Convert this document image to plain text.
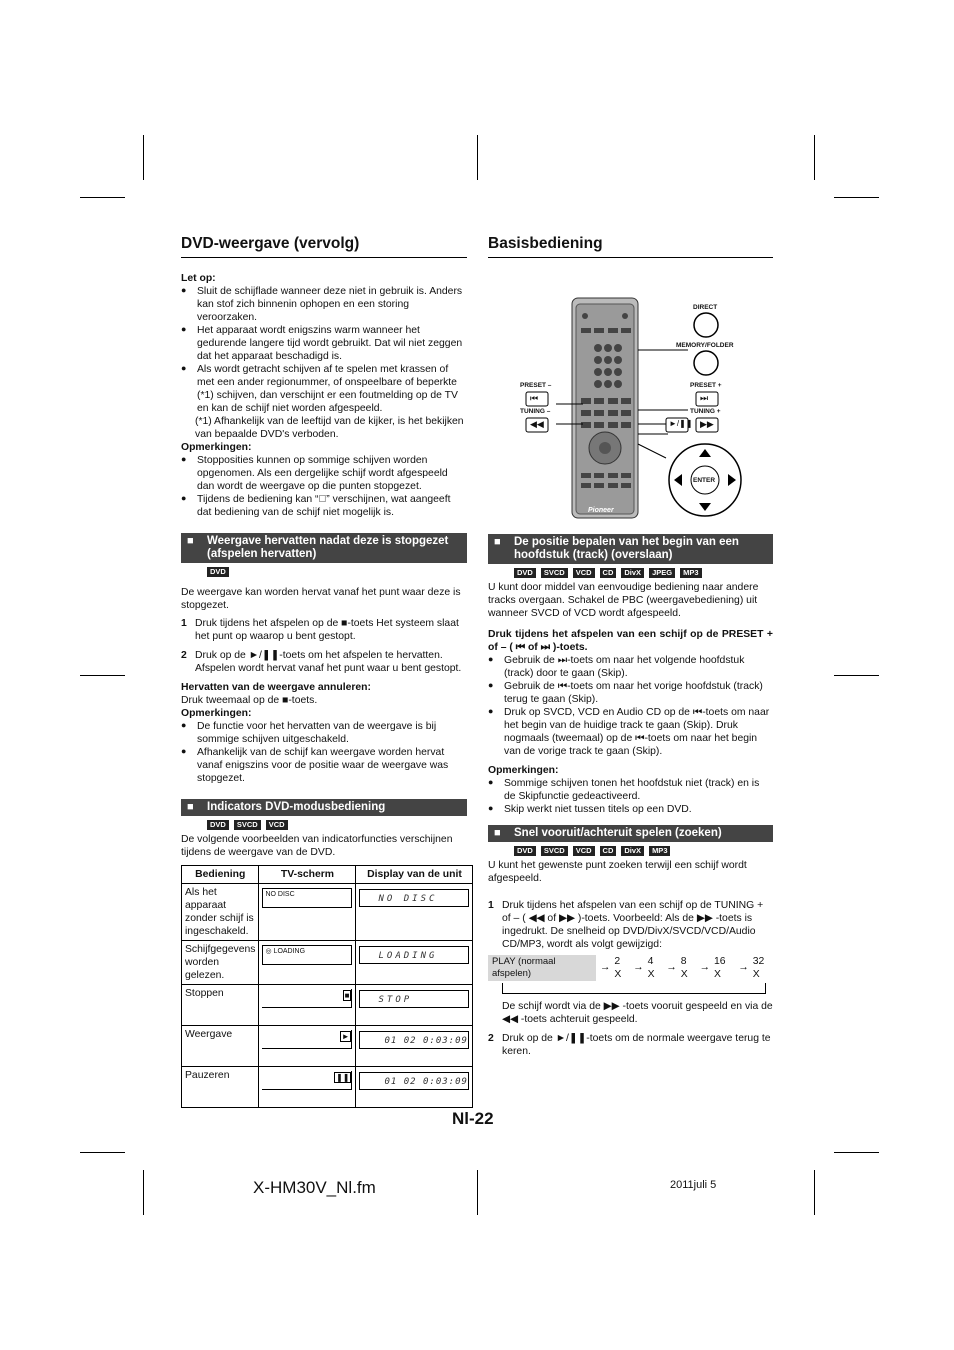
DVD-weergave (vervolg)

Let op:

● Sluit de schijflade wanneer deze niet in gebruik is. Anders kan stof zich binnenin ophopen en een storing veroorzaken.

● Het apparaat wordt enigszins warm wanneer het gedurende langere tijd wordt gebruikt. Dat wil niet zeggen dat het apparaat beschadigd is.

● Als wordt getracht schijven af te spelen met krassen of met een ander regionummer, of onspeelbare of beperkte (*1) schijven, dan verschijnt er een foutmelding op de TV en kan de schijf niet worden afgespeeld.

(*1) Afhankelijk van de leeftijd van de kijker, is het bekijken van bepaalde DVD's verboden.

Opmerkingen:

● Stopposities kunnen op sommige schijven worden opgenomen. Als een dergelijke schijf wordt afgespeeld dan wordt de weergave op die punten stopgezet.

● Tijdens de bediening kan “⃠” verschijnen, wat aangeeft dat bediening van de schijf niet mogelijk is.

■ Weergave hervatten nadat deze is stopgezet (afspelen hervatten)
DVD

De weergave kan worden hervat vanaf het punt waar deze is stopgezet.

1 Druk tijdens het afspelen op de ■-toets Het systeem slaat het punt op waarop u bent gestopt.

2 Druk op de ►/❚❚-toets om het afspelen te hervatten. Afspelen wordt hervat vanaf het punt waar u bent gestopt.

Hervatten van de weergave annuleren:

Druk tweemaal op de ■-toets.

Opmerkingen:

● De functie voor het hervatten van de weergave is bij sommige schijven uitgeschakeld.

● Afhankelijk van de schijf kan weergave worden hervat vanaf enigszins voor de positie waar de weergave was stopgezet.

■ Indicators DVD-modusbediening
DVD	SVCD	VCD

De volgende voorbeelden van indicatorfuncties verschijnen tijdens de weergave van de DVD.

Bediening	TV-scherm	Display van de unit
Als het apparaat zonder schijf is ingeschakeld.	NO DISC	NO DISC

Schijfgegevens worden gelezen.	◎ LOADING	LOADING

Stoppen	■	STOP

Weergave	►	01 02 0:03:09

Pauzeren	❚❚	01 02 0:03:09
Basisbediening
DIRECT
MEMORY/FOLDER
PRESET –
TUNING –
PRESET +
TUNING +
⏮
◀◀	►/❚❚
⏭
▶▶
ENTER
Pioneer
■ De positie bepalen van het begin van een hoofdstuk (track) (overslaan)
DVD	SVCD	VCD	CD	DivX	JPEG	MP3

U kunt door middel van eenvoudige bediening naar andere tracks overgaan. Schakel de PBC (weergavebediening) uit wanneer SVCD of VCD wordt afgespeeld.

Druk tijdens het afspelen van een schijf op de PRESET + of – ( ⏮ of ⏭ )-toets.

● Gebruik de ⏭-toets om naar het volgende hoofdstuk (track) door te gaan (Skip).

● Gebruik de ⏮-toets om naar het vorige hoofdstuk (track) terug te gaan (Skip).

● Druk op SVCD, VCD en Audio CD op de ⏮-toets om naar het begin van de huidige track te gaan (Skip). Druk nogmaals (tweemaal) op de ⏮-toets om naar het begin van de vorige track te gaan (Skip).

Opmerkingen:

● Sommige schijven tonen het hoofdstuk niet (track) en is de Skipfunctie gedeactiveerd.

● Skip werkt niet tussen titels op een DVD.

■ Snel vooruit/achteruit spelen (zoeken)
DVD	SVCD	VCD	CD	DivX	MP3

U kunt het gewenste punt zoeken terwijl een schijf wordt afgespeeld.

1 Druk tijdens het afspelen van een schijf op de TUNING + of – ( ◀◀ of ▶▶ )-toets. Voorbeeld: Als de ▶▶ -toets is ingedrukt. De snelheid op DVD/DivX/SVCD/VCD/Audio CD/MP3, wordt als volgt gewijzigd:

PLAY (normaal afspelen)	→
2 X
→
4 X
→
8 X
→
16 X
→
32 X

De schijf wordt via de ▶▶ -toets vooruit gespeeld en via de ◀◀ -toets achteruit gespeeld.

2 Druk op de ►/❚❚-toets om de normale weergave terug te keren.

Nl-22
X-HM30V_Nl.fm	2011juli 5
